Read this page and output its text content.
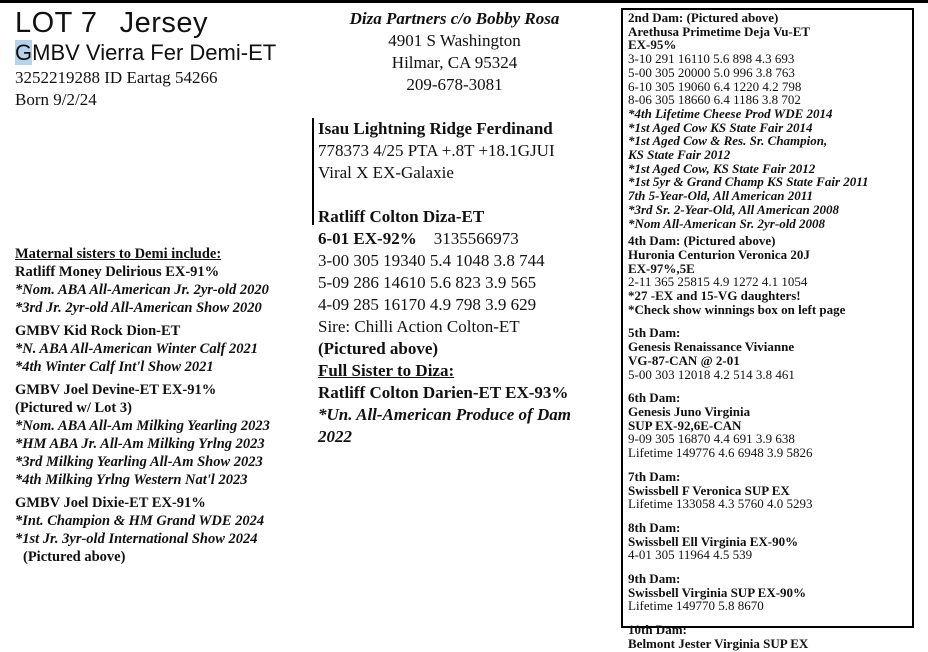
LOT 7 Jersey
GMBV Vierra Fer Demi-ET
3252219288 ID Eartag 54266
Born 9/2/24
Maternal sisters to Demi include:
Ratliff Money Delirious EX-91%
*Nom. ABA All-American Jr. 2yr-old 2020
*3rd Jr. 2yr-old All-American Show 2020
GMBV Kid Rock Dion-ET
*N. ABA All-American Winter Calf 2021
*4th Winter Calf Int'l Show 2021
GMBV Joel Devine-ET EX-91%
(Pictured w/ Lot 3)
*Nom. ABA All-Am Milking Yearling 2023
*HM ABA Jr. All-Am Milking Yrlng 2023
*3rd Milking Yearling All-Am Show 2023
*4th Milking Yrlng Western Nat'l 2023
GMBV Joel Dixie-ET EX-91%
*Int. Champion & HM Grand WDE 2024
*1st Jr. 3yr-old International Show 2024
(Pictured above)
Diza Partners c/o Bobby Rosa
4901 S Washington
Hilmar, CA 95324
209-678-3081
Isau Lightning Ridge Ferdinand
778373 4/25 PTA +.8T +18.1GJUI
Viral X EX-Galaxie
Ratliff Colton Diza-ET
6-01 EX-92% 3135566973
3-00 305 19340 5.4 1048 3.8 744
5-09 286 14610 5.6 823 3.9 565
4-09 285 16170 4.9 798 3.9 629
Sire: Chilli Action Colton-ET
(Pictured above)
Full Sister to Diza:
Ratliff Colton Darien-ET EX-93%
*Un. All-American Produce of Dam
2022
2nd Dam: (Pictured above)
Arethusa Primetime Deja Vu-ET
EX-95%
3-10 291 16110 5.6 898 4.3 693
5-00 305 20000 5.0 996 3.8 763
6-10 305 19060 6.4 1220 4.2 798
8-06 305 18660 6.4 1186 3.8 702
*4th Lifetime Cheese Prod WDE 2014
*1st Aged Cow KS State Fair 2014
*1st Aged Cow & Res. Sr. Champion,
KS State Fair 2012
*1st Aged Cow, KS State Fair 2012
*1st 5yr & Grand Champ KS State Fair 2011
7th 5-Year-Old, All American 2011
*3rd Sr. 2-Year-Old, All American 2008
*Nom All-American Sr. 2yr-old 2008
4th Dam: (Pictured above)
Huronia Centurion Veronica 20J
EX-97%,5E
2-11 365 25815 4.9 1272 4.1 1054
*27 -EX and 15-VG daughters!
*Check show winnings box on left page
5th Dam:
Genesis Renaissance Vivianne
VG-87-CAN @ 2-01
5-00 303 12018 4.2 514 3.8 461
6th Dam:
Genesis Juno Virginia
SUP EX-92,6E-CAN
9-09 305 16870 4.4 691 3.9 638
Lifetime 149776 4.6 6948 3.9 5826
7th Dam:
Swissbell F Veronica SUP EX
Lifetime 133058 4.3 5760 4.0 5293
8th Dam:
Swissbell Ell Virginia EX-90%
4-01 305 11964 4.5 539
9th Dam:
Swissbell Virginia SUP EX-90%
Lifetime 149770 5.8 8670
10th Dam:
Belmont Jester Virginia SUP EX
